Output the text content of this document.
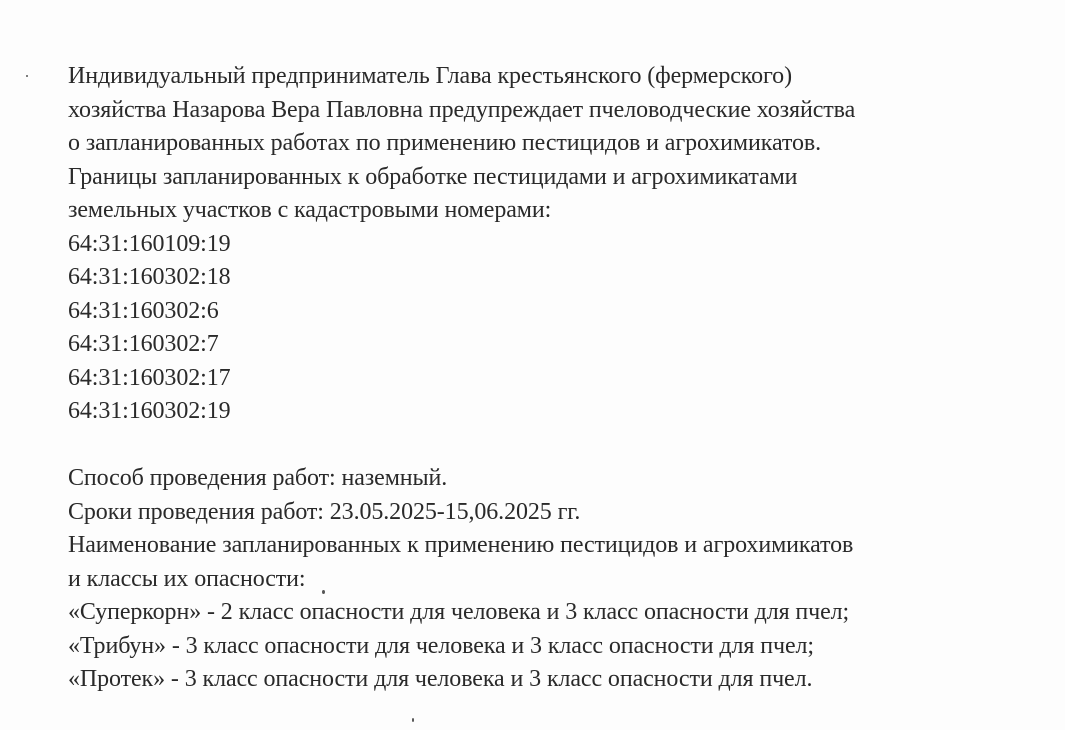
Индивидуальный предприниматель Глава крестьянского (фермерского)
хозяйства Назарова Вера Павловна предупреждает пчеловодческие хозяйства
о запланированных работах по применению пестицидов и агрохимикатов.
Границы запланированных к обработке пестицидами и агрохимикатами
земельных участков с кадастровыми номерами:
64:31:160109:19
64:31:160302:18
64:31:160302:6
64:31:160302:7
64:31:160302:17
64:31:160302:19
Способ проведения работ: наземный.
Сроки проведения работ: 23.05.2025-15,06.2025 гг.
Наименование запланированных к применению пестицидов и агрохимикатов
и классы их опасности:
«Суперкорн» - 2 класс опасности для человека и 3 класс опасности для пчел;
«Трибун» - 3 класс опасности для человека и 3 класс опасности для пчел;
«Протек» - 3 класс опасности для человека и 3 класс опасности для пчел.
